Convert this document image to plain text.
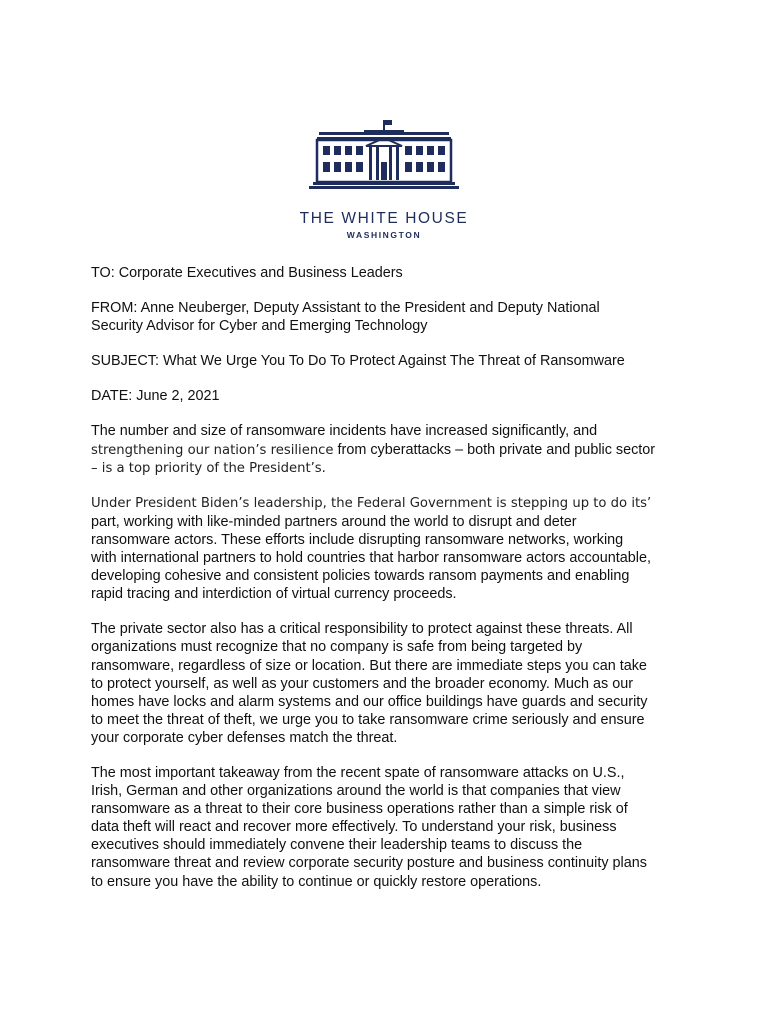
THE WHITE HOUSE
WASHINGTON

TO: Corporate Executives and Business Leaders

FROM: Anne Neuberger, Deputy Assistant to the President and Deputy National
Security Advisor for Cyber and Emerging Technology

SUBJECT: What We Urge You To Do To Protect Against The Threat of Ransomware

DATE: June 2, 2021

The number and size of ransomware incidents have increased significantly, and
strengthening our nation’s resilience from cyberattacks – both private and public sector
– is a top priority of the President’s.

Under President Biden’s leadership, the Federal Government is stepping up to do its’
part, working with like-minded partners around the world to disrupt and deter
ransomware actors. These efforts include disrupting ransomware networks, working
with international partners to hold countries that harbor ransomware actors accountable,
developing cohesive and consistent policies towards ransom payments and enabling
rapid tracing and interdiction of virtual currency proceeds.

The private sector also has a critical responsibility to protect against these threats. All
organizations must recognize that no company is safe from being targeted by
ransomware, regardless of size or location. But there are immediate steps you can take
to protect yourself, as well as your customers and the broader economy. Much as our
homes have locks and alarm systems and our office buildings have guards and security
to meet the threat of theft, we urge you to take ransomware crime seriously and ensure
your corporate cyber defenses match the threat.

The most important takeaway from the recent spate of ransomware attacks on U.S.,
Irish, German and other organizations around the world is that companies that view
ransomware as a threat to their core business operations rather than a simple risk of
data theft will react and recover more effectively. To understand your risk, business
executives should immediately convene their leadership teams to discuss the
ransomware threat and review corporate security posture and business continuity plans
to ensure you have the ability to continue or quickly restore operations.
